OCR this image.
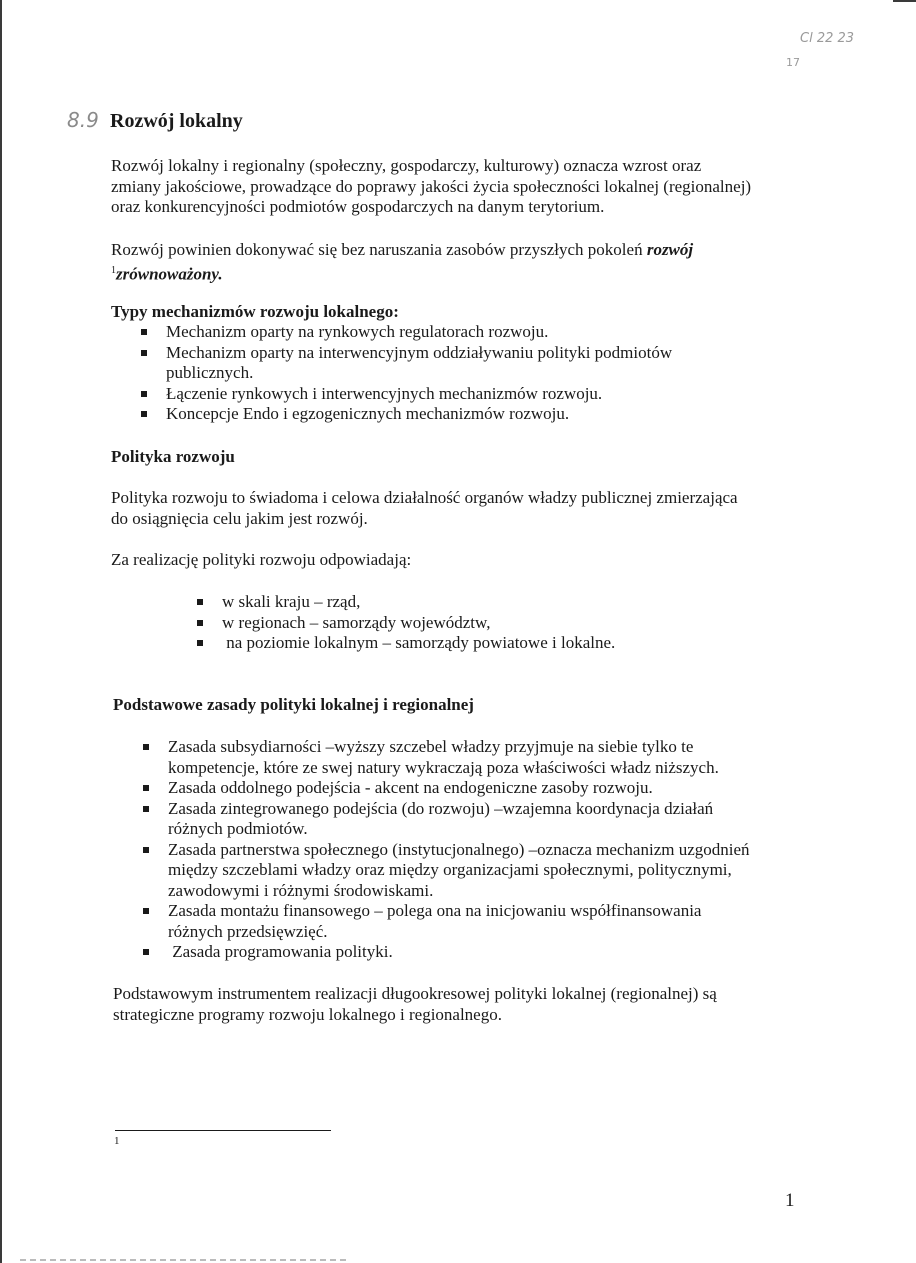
Cl 22 23
17
8.9 Rozwój lokalny
Rozwój lokalny i regionalny (społeczny, gospodarczy, kulturowy) oznacza wzrost oraz
zmiany jakościowe, prowadzące do poprawy jakości życia społeczności lokalnej (regionalnej)
oraz konkurencyjności podmiotów gospodarczych na danym terytorium.
Rozwój powinien dokonywać się bez naruszania zasobów przyszłych pokoleń rozwój
$^1$zrównoważony.
Typy mechanizmów rozwoju lokalnego:
Mechanizm oparty na rynkowych regulatorach rozwoju.
Mechanizm oparty na interwencyjnym oddziaływaniu polityki podmiotów
publicznych.
Łączenie rynkowych i interwencyjnych mechanizmów rozwoju.
Koncepcje Endo i egzogenicznych mechanizmów rozwoju.
Polityka rozwoju
Polityka rozwoju to świadoma i celowa działalność organów władzy publicznej zmierzająca
do osiągnięcia celu jakim jest rozwój.
Za realizację polityki rozwoju odpowiadają:
w skali kraju – rząd,
w regionach – samorządy województw,
na poziomie lokalnym – samorządy powiatowe i lokalne.
Podstawowe zasady polityki lokalnej i regionalnej
Zasada subsydiarności –wyższy szczebel władzy przyjmuje na siebie tylko te
kompetencje, które ze swej natury wykraczają poza właściwości władz niższych.
Zasada oddolnego podejścia - akcent na endogeniczne zasoby rozwoju.
Zasada zintegrowanego podejścia (do rozwoju) –wzajemna koordynacja działań
różnych podmiotów.
Zasada partnerstwa społecznego (instytucjonalnego) –oznacza mechanizm uzgodnień
między szczeblami władzy oraz między organizacjami społecznymi, politycznymi,
zawodowymi i różnymi środowiskami.
Zasada montażu finansowego – polega ona na inicjowaniu współfinansowania
różnych przedsięwzięć.
Zasada programowania polityki.
Podstawowym instrumentem realizacji długookresowej polityki lokalnej (regionalnej) są
strategiczne programy rozwoju lokalnego i regionalnego.
1
1
